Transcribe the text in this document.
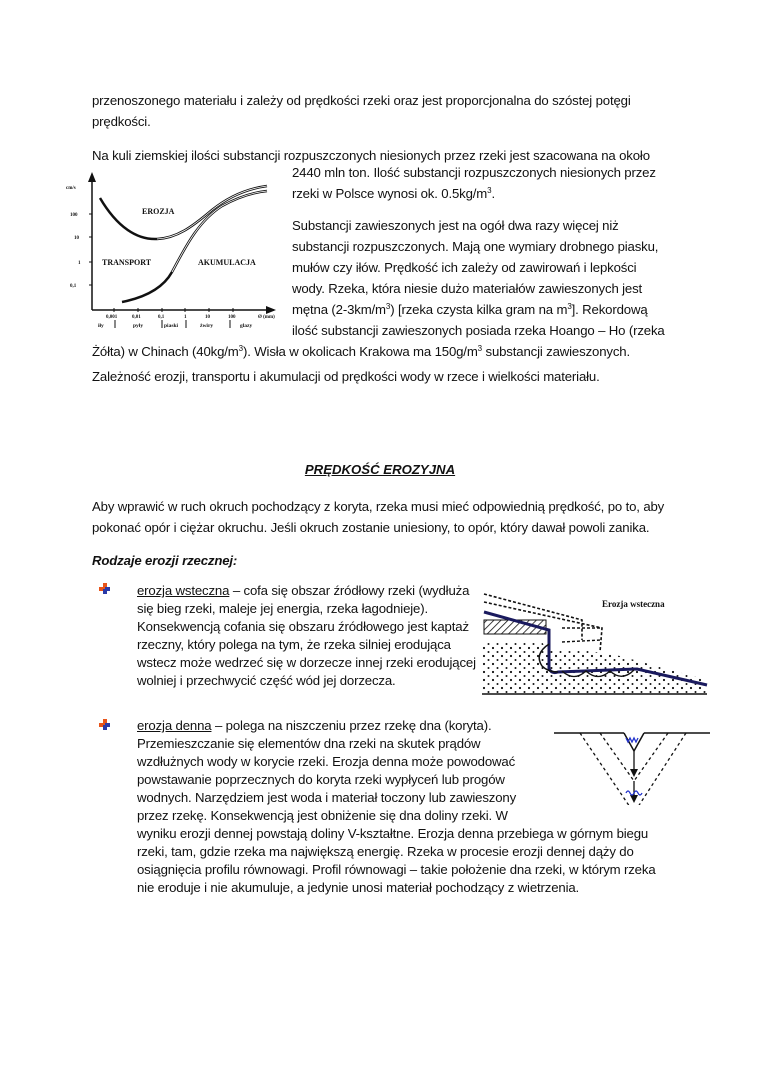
przenoszonego materiału i zależy od prędkości rzeki oraz jest proporcjonalna do szóstej potęgi
prędkości.
Na kuli ziemskiej ilości substancji rozpuszczonych niesionych przez rzeki jest szacowana na około
2440 mln ton. Ilość substancji rozpuszczonych niesionych przez
rzeki w Polsce wynosi ok. $0.5kg/m^3$.
Substancji zawieszonych jest na ogół dwa razy więcej niż
substancji rozpuszczonych. Mają one wymiary drobnego piasku,
mułów czy iłów. Prędkość ich zależy od zawirowań i lepkości
wody. Rzeka, która niesie dużo materiałów zawieszonych jest
mętna $(2-3km/m^3)$ [rzeka czysta kilka gram na $m^3$]. Rekordową
ilość substancji zawieszonych posiada rzeka Hoango – Ho (rzeka
Żółta) w Chinach $(40kg/m^3)$. Wisła w okolicach Krakowa ma $150g/m^3$ substancji zawieszonych.
Zależność erozji, transportu i akumulacji od prędkości wody w rzece i wielkości materiału.
cm/s
100
10
1
0,1
0,001	0,01	0,1	1	10	100	Ø (mm)
iły	pyły	piaski	żwiry	glazy
EROZJA
TRANSPORT	AKUMULACJA
PRĘDKOŚĆ EROZYJNA
Aby wprawić w ruch okruch pochodzący z koryta, rzeka musi mieć odpowiednią prędkość, po to, aby
pokonać opór i ciężar okruchu. Jeśli okruch zostanie uniesiony, to opór, który dawał powoli zanika.
Rodzaje erozji rzecznej:
erozja wsteczna – cofa się obszar źródłowy rzeki (wydłuża
się bieg rzeki, maleje jej energia, rzeka łagodnieje).
Konsekwencją cofania się obszaru źródłowego jest kaptaż
rzeczny, który polega na tym, że rzeka silniej erodująca
wstecz może wedrzeć się w dorzecze innej rzeki erodującej
wolniej i przechwycić część wód jej dorzecza.
Erozja wsteczna
erozja denna – polega na niszczeniu przez rzekę dna (koryta).
Przemieszczanie się elementów dna rzeki na skutek prądów
wzdłużnych wody w korycie rzeki. Erozja denna może powodować
powstawanie poprzecznych do koryta rzeki wypłyceń lub progów
wodnych. Narzędziem jest woda i materiał toczony lub zawieszony
przez rzekę. Konsekwencją jest obniżenie się dna doliny rzeki. W
wyniku erozji dennej powstają doliny V-kształtne. Erozja denna przebiega w górnym biegu
rzeki, tam, gdzie rzeka ma największą energię. Rzeka w procesie erozji dennej dąży do
osiągnięcia profilu równowagi. Profil równowagi – takie położenie dna rzeki, w którym rzeka
nie eroduje i nie akumuluje, a jedynie unosi materiał pochodzący z wietrzenia.
